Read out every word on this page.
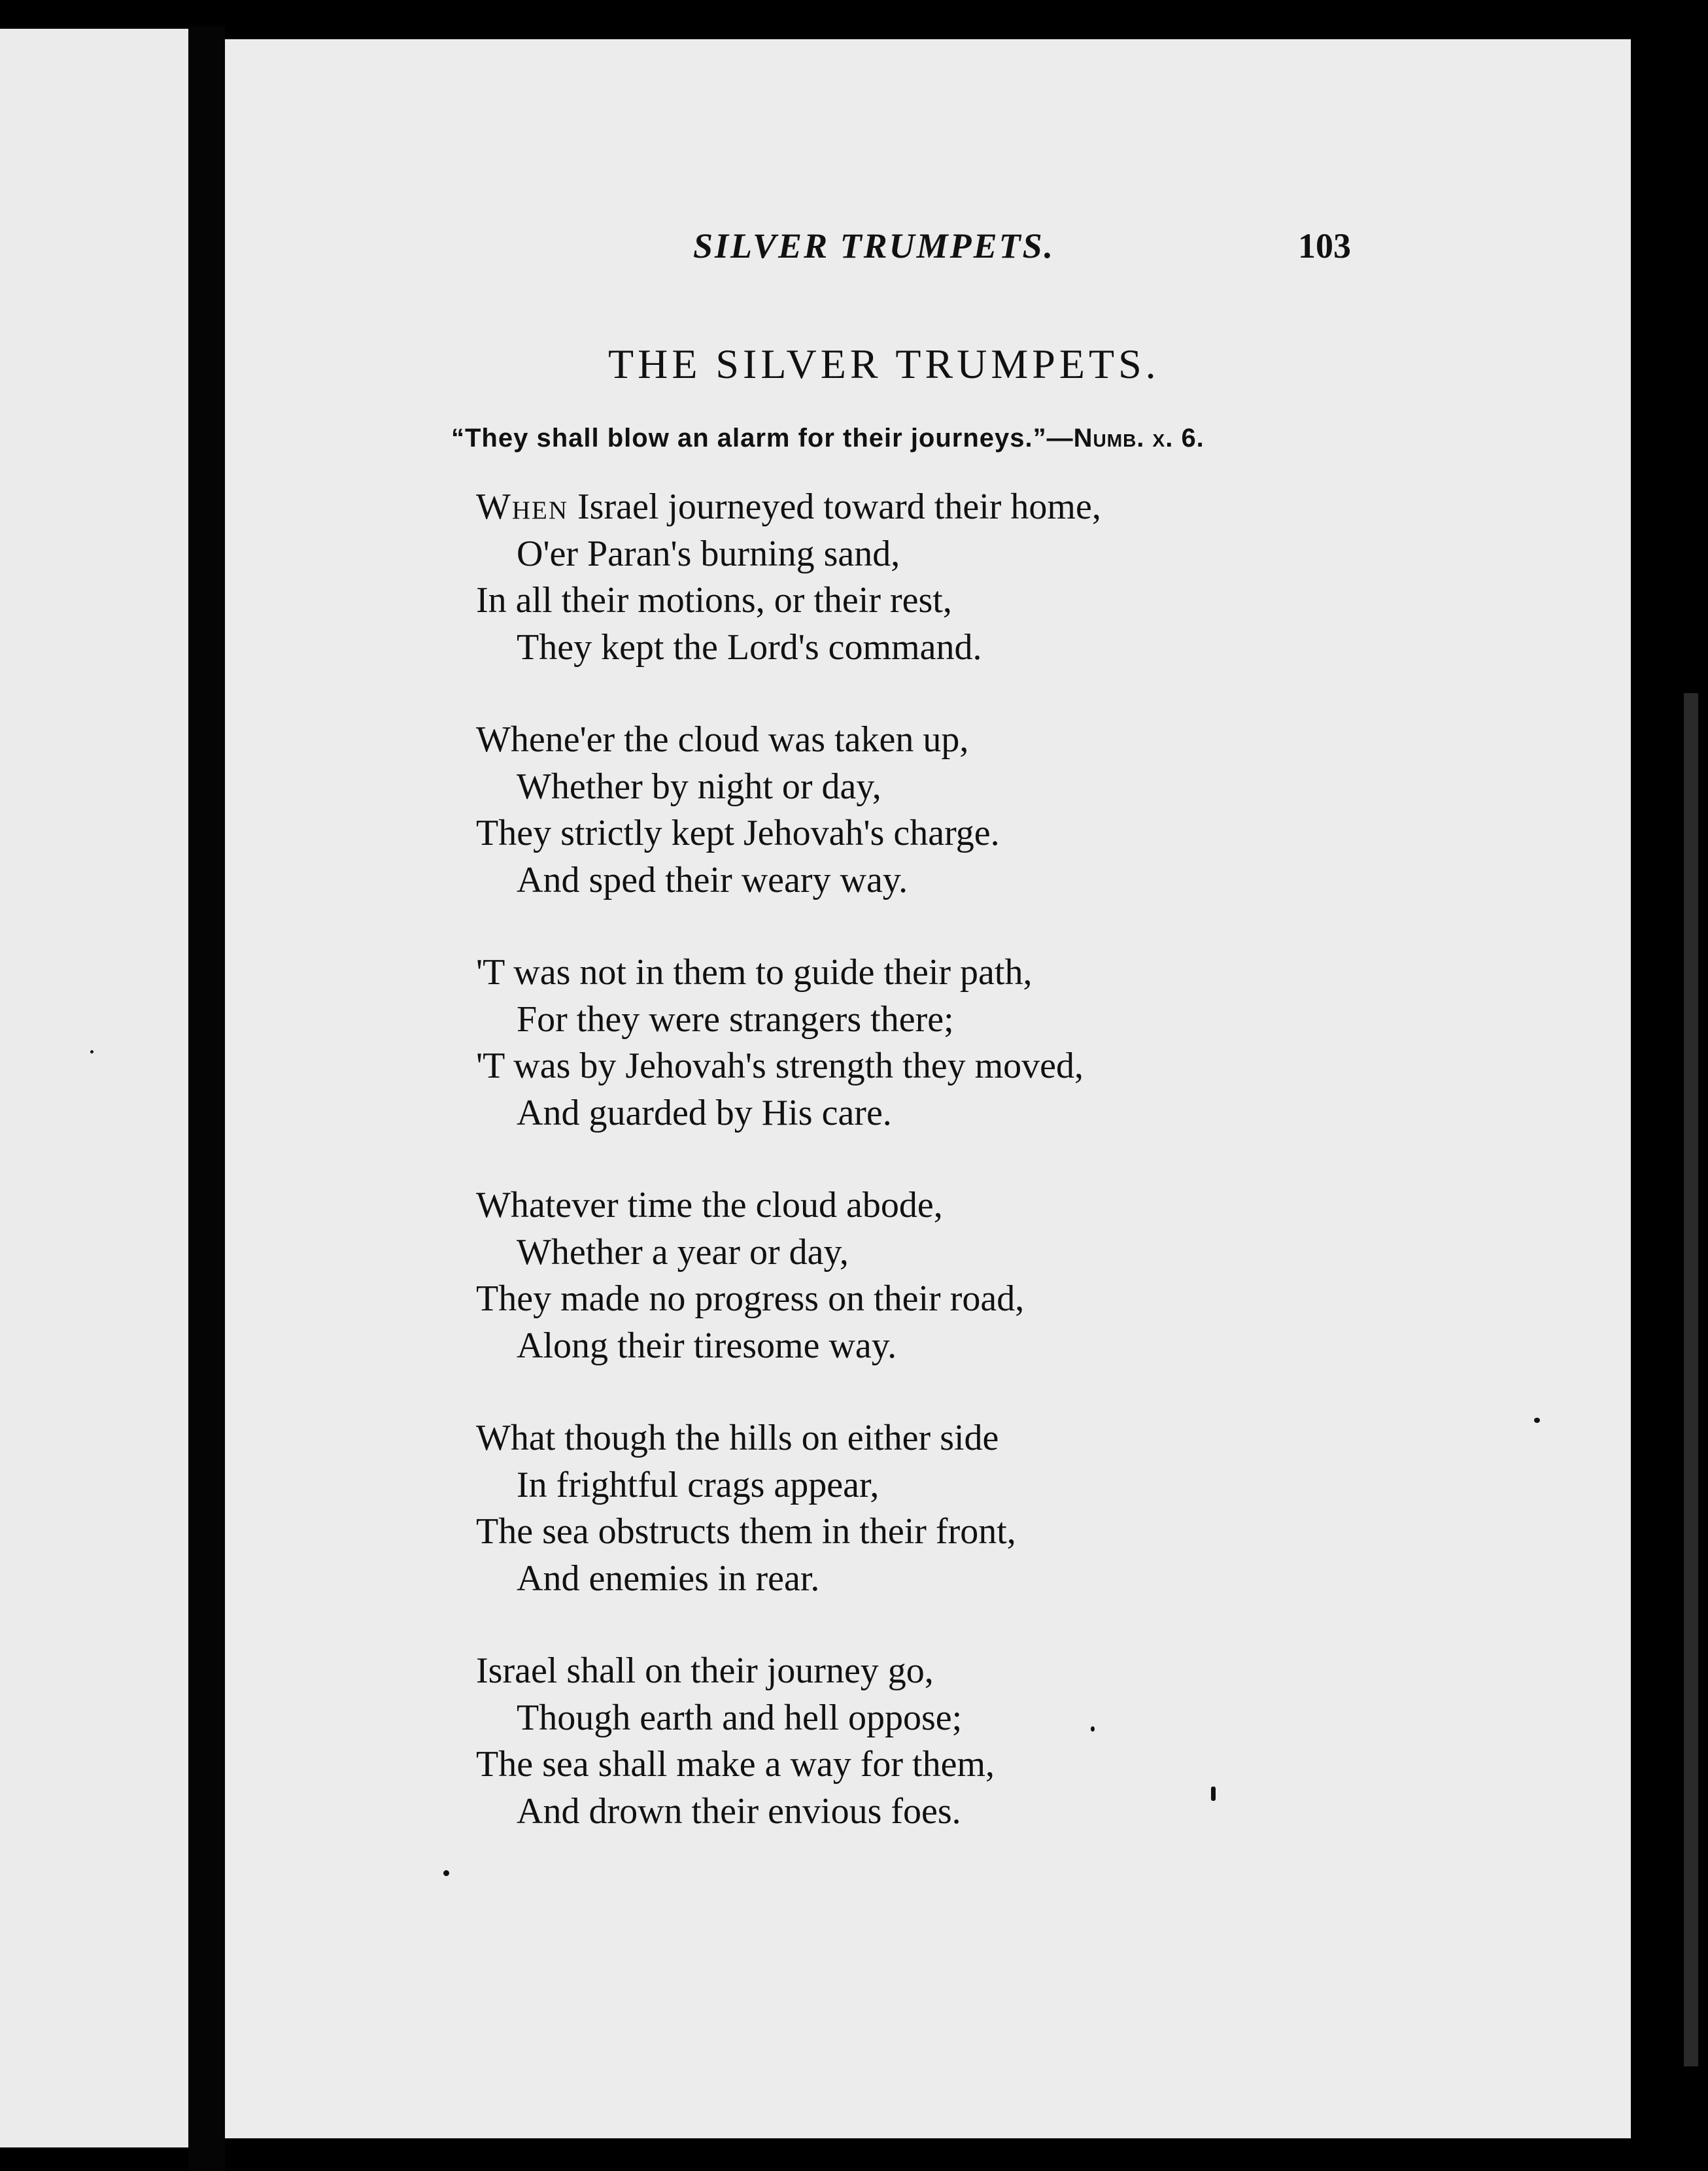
SILVER TRUMPETS.	103
THE SILVER TRUMPETS.
“They shall blow an alarm for their journeys.”—Numb. x. 6.
When Israel journeyed toward their home,
O'er Paran's burning sand,
In all their motions, or their rest,
They kept the Lord's command.
Whene'er the cloud was taken up,
Whether by night or day,
They strictly kept Jehovah's charge.
And sped their weary way.
'T was not in them to guide their path,
For they were strangers there;
'T was by Jehovah's strength they moved,
And guarded by His care.
Whatever time the cloud abode,
Whether a year or day,
They made no progress on their road,
Along their tiresome way.
What though the hills on either side
In frightful crags appear,
The sea obstructs them in their front,
And enemies in rear.
Israel shall on their journey go,
Though earth and hell oppose;
The sea shall make a way for them,
And drown their envious foes.
